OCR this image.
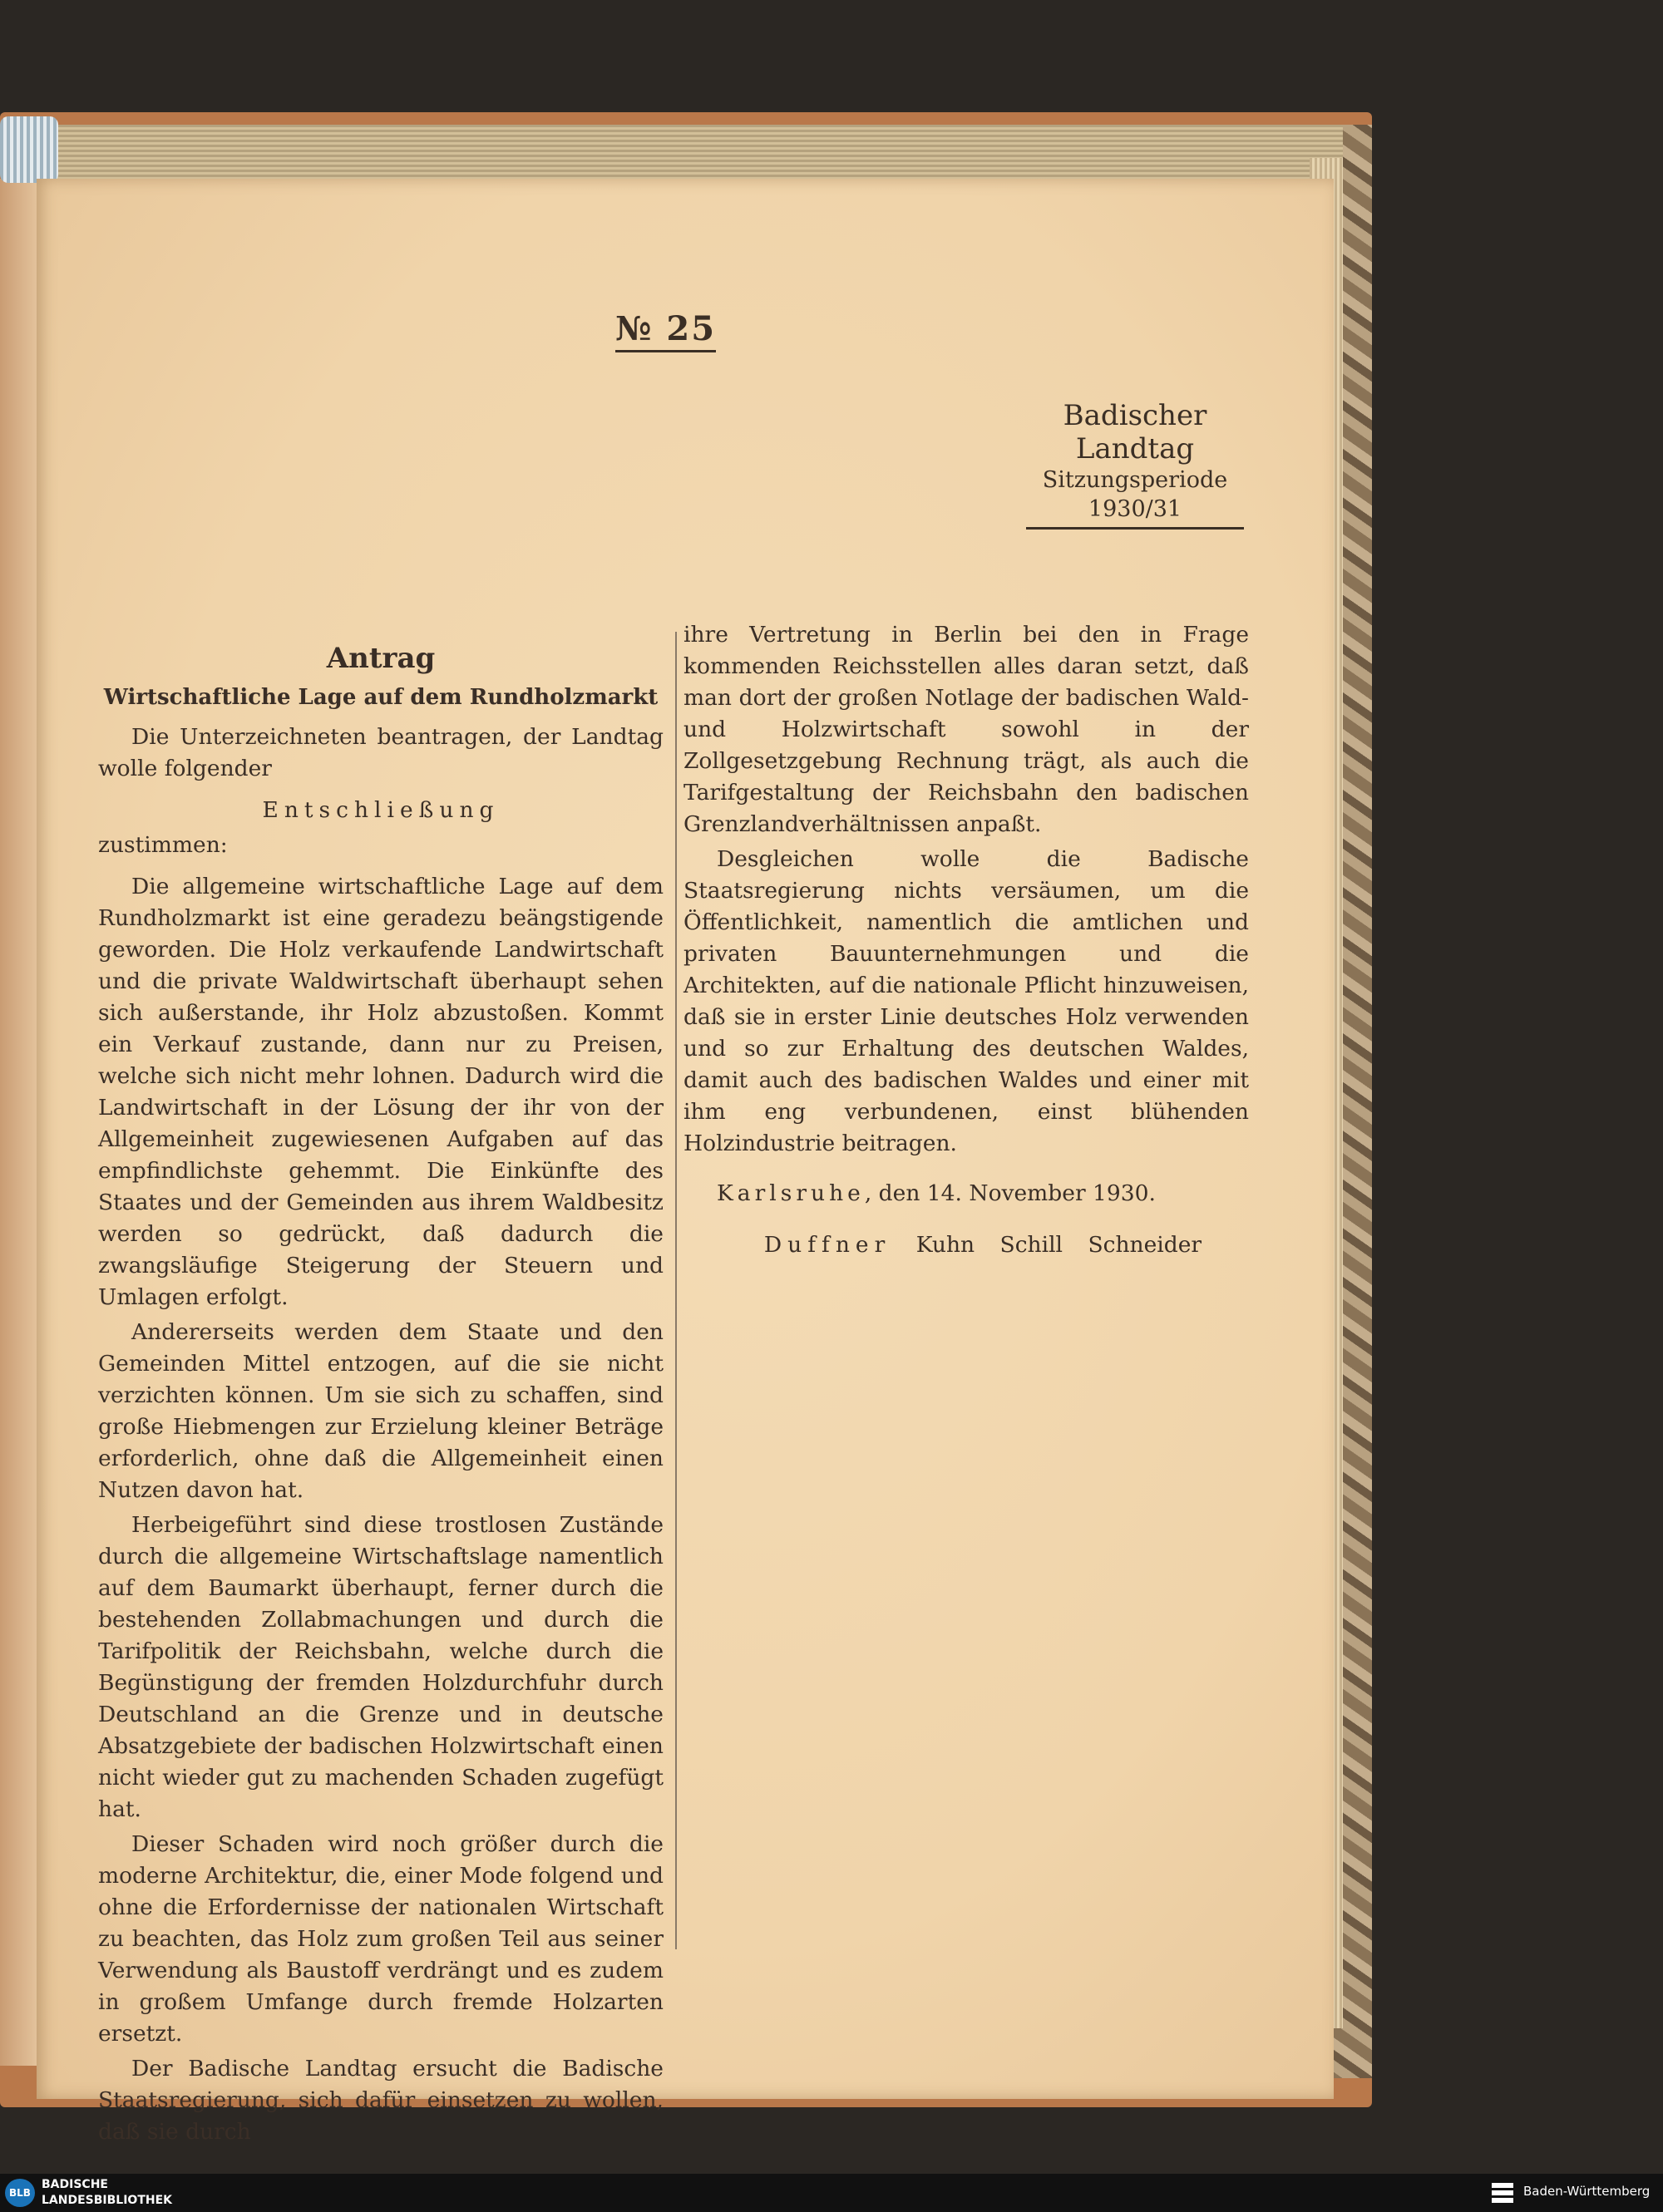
№ 25
Badischer Landtag
Sitzungsperiode
1930/31
Antrag
Wirtschaftliche Lage auf dem Rundholzmarkt

Die Unterzeichneten beantragen, der Landtag wolle folgender

Entschließung

zustimmen:

Die allgemeine wirtschaftliche Lage auf dem Rundholzmarkt ist eine geradezu beängstigende geworden. Die Holz verkaufende Landwirtschaft und die private Waldwirtschaft überhaupt sehen sich außerstande, ihr Holz abzustoßen. Kommt ein Verkauf zustande, dann nur zu Preisen, welche sich nicht mehr lohnen. Dadurch wird die Landwirtschaft in der Lösung der ihr von der Allgemeinheit zugewiesenen Aufgaben auf das empfindlichste gehemmt. Die Einkünfte des Staates und der Gemeinden aus ihrem Waldbesitz werden so gedrückt, daß dadurch die zwangsläufige Steigerung der Steuern und Umlagen erfolgt.

Andererseits werden dem Staate und den Gemeinden Mittel entzogen, auf die sie nicht verzichten können. Um sie sich zu schaffen, sind große Hiebmengen zur Erzielung kleiner Beträge erforderlich, ohne daß die Allgemeinheit einen Nutzen davon hat.

Herbeigeführt sind diese trostlosen Zustände durch die allgemeine Wirtschaftslage namentlich auf dem Baumarkt überhaupt, ferner durch die bestehenden Zollabmachungen und durch die Tarifpolitik der Reichsbahn, welche durch die Begünstigung der fremden Holzdurchfuhr durch Deutschland an die Grenze und in deutsche Absatzgebiete der badischen Holzwirtschaft einen nicht wieder gut zu machenden Schaden zugefügt hat.

Dieser Schaden wird noch größer durch die moderne Architektur, die, einer Mode folgend und ohne die Erfordernisse der nationalen Wirtschaft zu beachten, das Holz zum großen Teil aus seiner Verwendung als Baustoff verdrängt und es zudem in großem Umfange durch fremde Holzarten ersetzt.

Der Badische Landtag ersucht die Badische Staatsregierung, sich dafür einsetzen zu wollen, daß sie durch

ihre Vertretung in Berlin bei den in Frage kommenden Reichsstellen alles daran setzt, daß man dort der großen Notlage der badischen Wald- und Holzwirtschaft sowohl in der Zollgesetzgebung Rechnung trägt, als auch die Tarifgestaltung der Reichsbahn den badischen Grenzlandverhältnissen anpaßt.

Desgleichen wolle die Badische Staatsregierung nichts versäumen, um die Öffentlichkeit, namentlich die amtlichen und privaten Bauunternehmungen und die Architekten, auf die nationale Pflicht hinzuweisen, daß sie in erster Linie deutsches Holz verwenden und so zur Erhaltung des deutschen Waldes, damit auch des badischen Waldes und einer mit ihm eng verbundenen, einst blühenden Holzindustrie beitragen.

Karlsruhe, den 14. November 1930.

Duffner Kuhn Schill Schneider

BLB
BADISCHE
LANDESBIBLIOTHEK
Baden-Württemberg
